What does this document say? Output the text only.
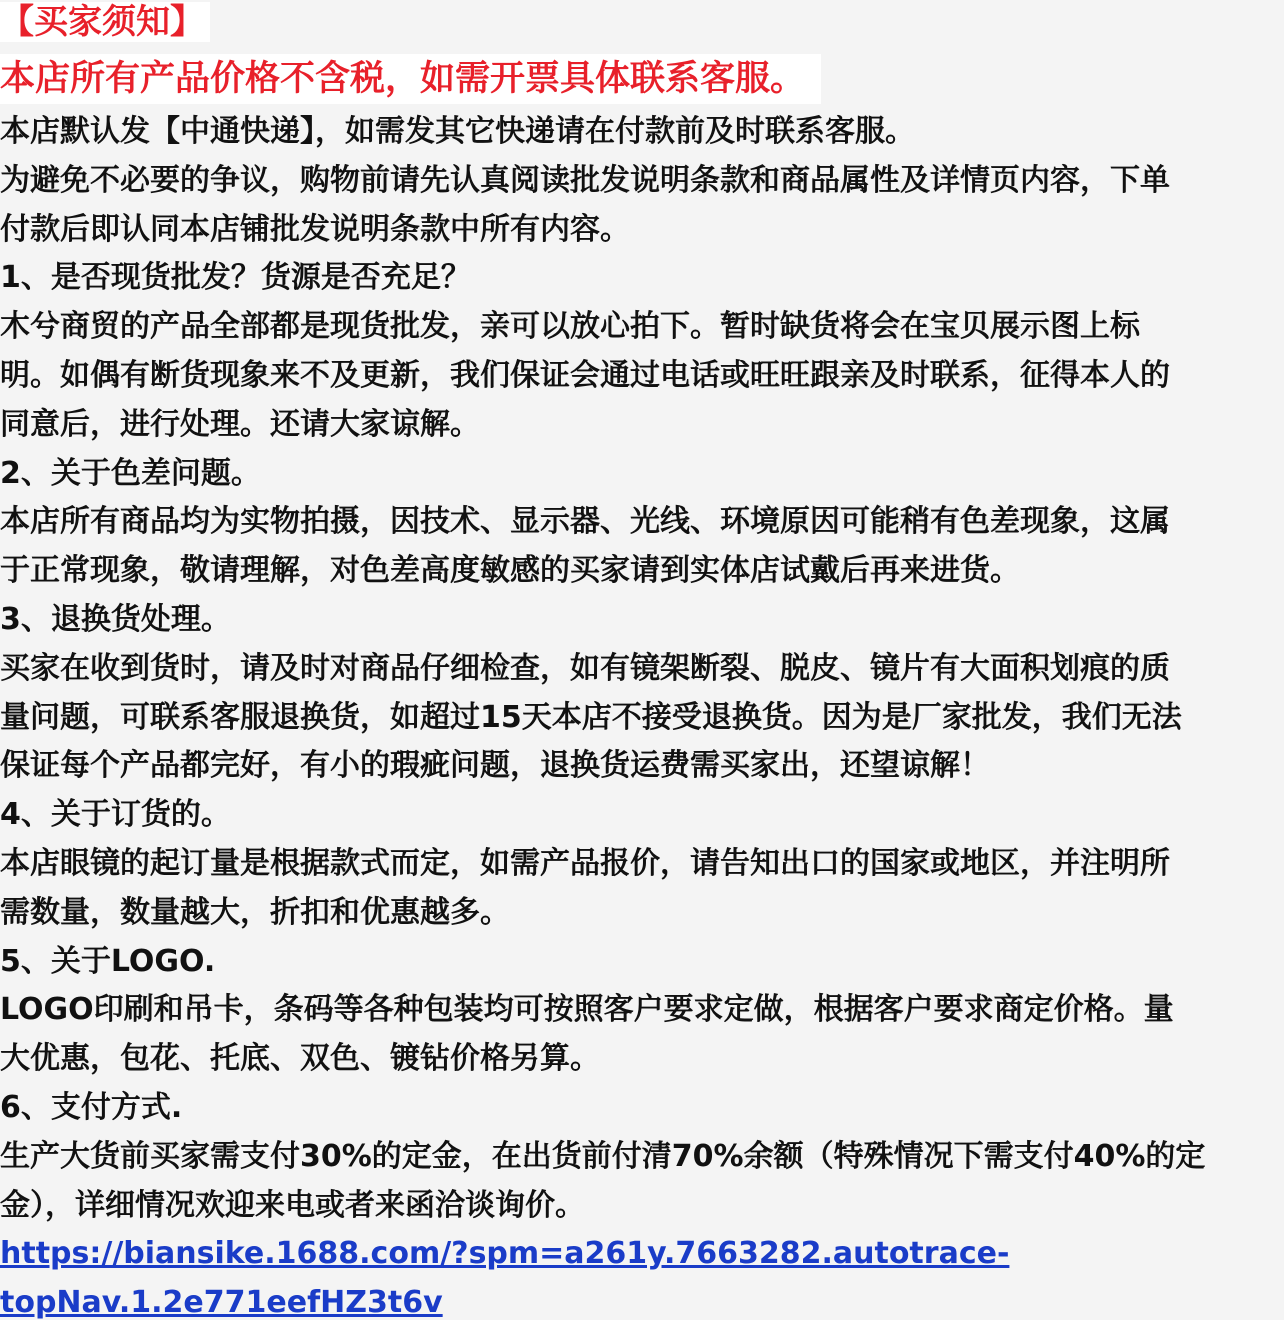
【买家须知】
本店所有产品价格不含税，如需开票具体联系客服。

本店默认发【中通快递】，如需发其它快递请在付款前及时联系客服。

为避免不必要的争议，购物前请先认真阅读批发说明条款和商品属性及详情页内容，下单

付款后即认同本店铺批发说明条款中所有内容。

1、是否现货批发？货源是否充足？

木兮商贸的产品全部都是现货批发，亲可以放心拍下。暂时缺货将会在宝贝展示图上标

明。如偶有断货现象来不及更新，我们保证会通过电话或旺旺跟亲及时联系，征得本人的

同意后，进行处理。还请大家谅解。

2、关于色差问题。

本店所有商品均为实物拍摄，因技术、显示器、光线、环境原因可能稍有色差现象，这属

于正常现象，敬请理解，对色差高度敏感的买家请到实体店试戴后再来进货。

3、退换货处理。

买家在收到货时，请及时对商品仔细检查，如有镜架断裂、脱皮、镜片有大面积划痕的质

量问题，可联系客服退换货，如超过15天本店不接受退换货。因为是厂家批发，我们无法

保证每个产品都完好，有小的瑕疵问题，退换货运费需买家出，还望谅解！

4、关于订货的。

本店眼镜的起订量是根据款式而定，如需产品报价，请告知出口的国家或地区，并注明所

需数量，数量越大，折扣和优惠越多。

5、关于LOGO.

LOGO印刷和吊卡，条码等各种包装均可按照客户要求定做，根据客户要求商定价格。量

大优惠，包花、托底、双色、镀钻价格另算。

6、支付方式.

生产大货前买家需支付30%的定金，在出货前付清70%余额（特殊情况下需支付40%的定

金），详细情况欢迎来电或者来函洽谈询价。

https://biansike.1688.com/?spm=a261y.7663282.autotrace-

topNav.1.2e771eefHZ3t6v
